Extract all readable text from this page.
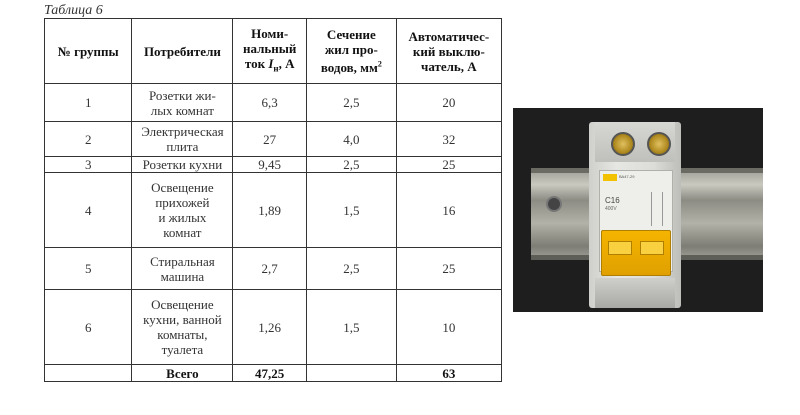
Таблица 6
№ группы	Потребители	Номи-
нальный
ток $I_н$, А	Сечение
жил про-
водов, $мм^2$	Автоматичес-
кий выклю-
чатель, А
1	Розетки жи-
лых комнат	6,3	2,5	20
2	Электрическая
плита	27	4,0	32
3	Розетки кухни	9,45	2,5	25
4	Освещение
прихожей
и жилых
комнат	1,89	1,5	16
5	Стиральная
машина	2,7	2,5	25
6	Освещение
кухни, ванной
комнаты,
туалета	1,26	1,5	10
	Всего	47,25		63
ВА47-29
C16
400V
